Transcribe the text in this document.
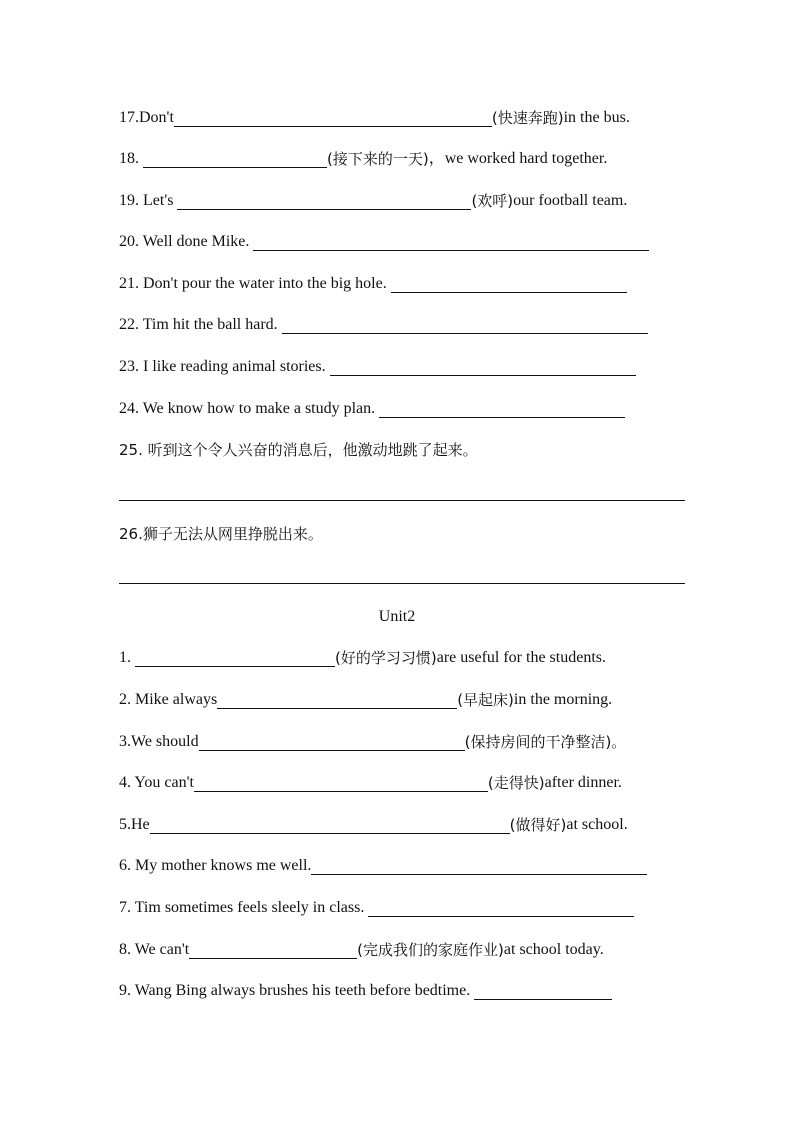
17.Don't	(快速奔跑) in the bus.
18.	(接下来的一天) ，we worked hard together.
19. Let's	(欢呼) our football team.
20. Well done Mike.
21. Don't pour the water into the big hole.
22. Tim hit the ball hard.
23. I like reading animal stories.
24. We know how to make a study plan.
25. 听到这个令人兴奋的消息后，他激动地跳了起来。
26.狮子无法从网里挣脱出来。
Unit2
1.	(好的学习习惯) are useful for the students.
2. Mike always	(早起床) in the morning.
3.We should	(保持房间的干净整洁)。
4. You can't	(走得快) after dinner.
5.He	(做得好) at school.
6. My mother knows me well.
7. Tim sometimes feels sleely in class.
8. We can't	(完成我们的家庭作业) at school today.
9. Wang Bing always brushes his teeth before bedtime.
